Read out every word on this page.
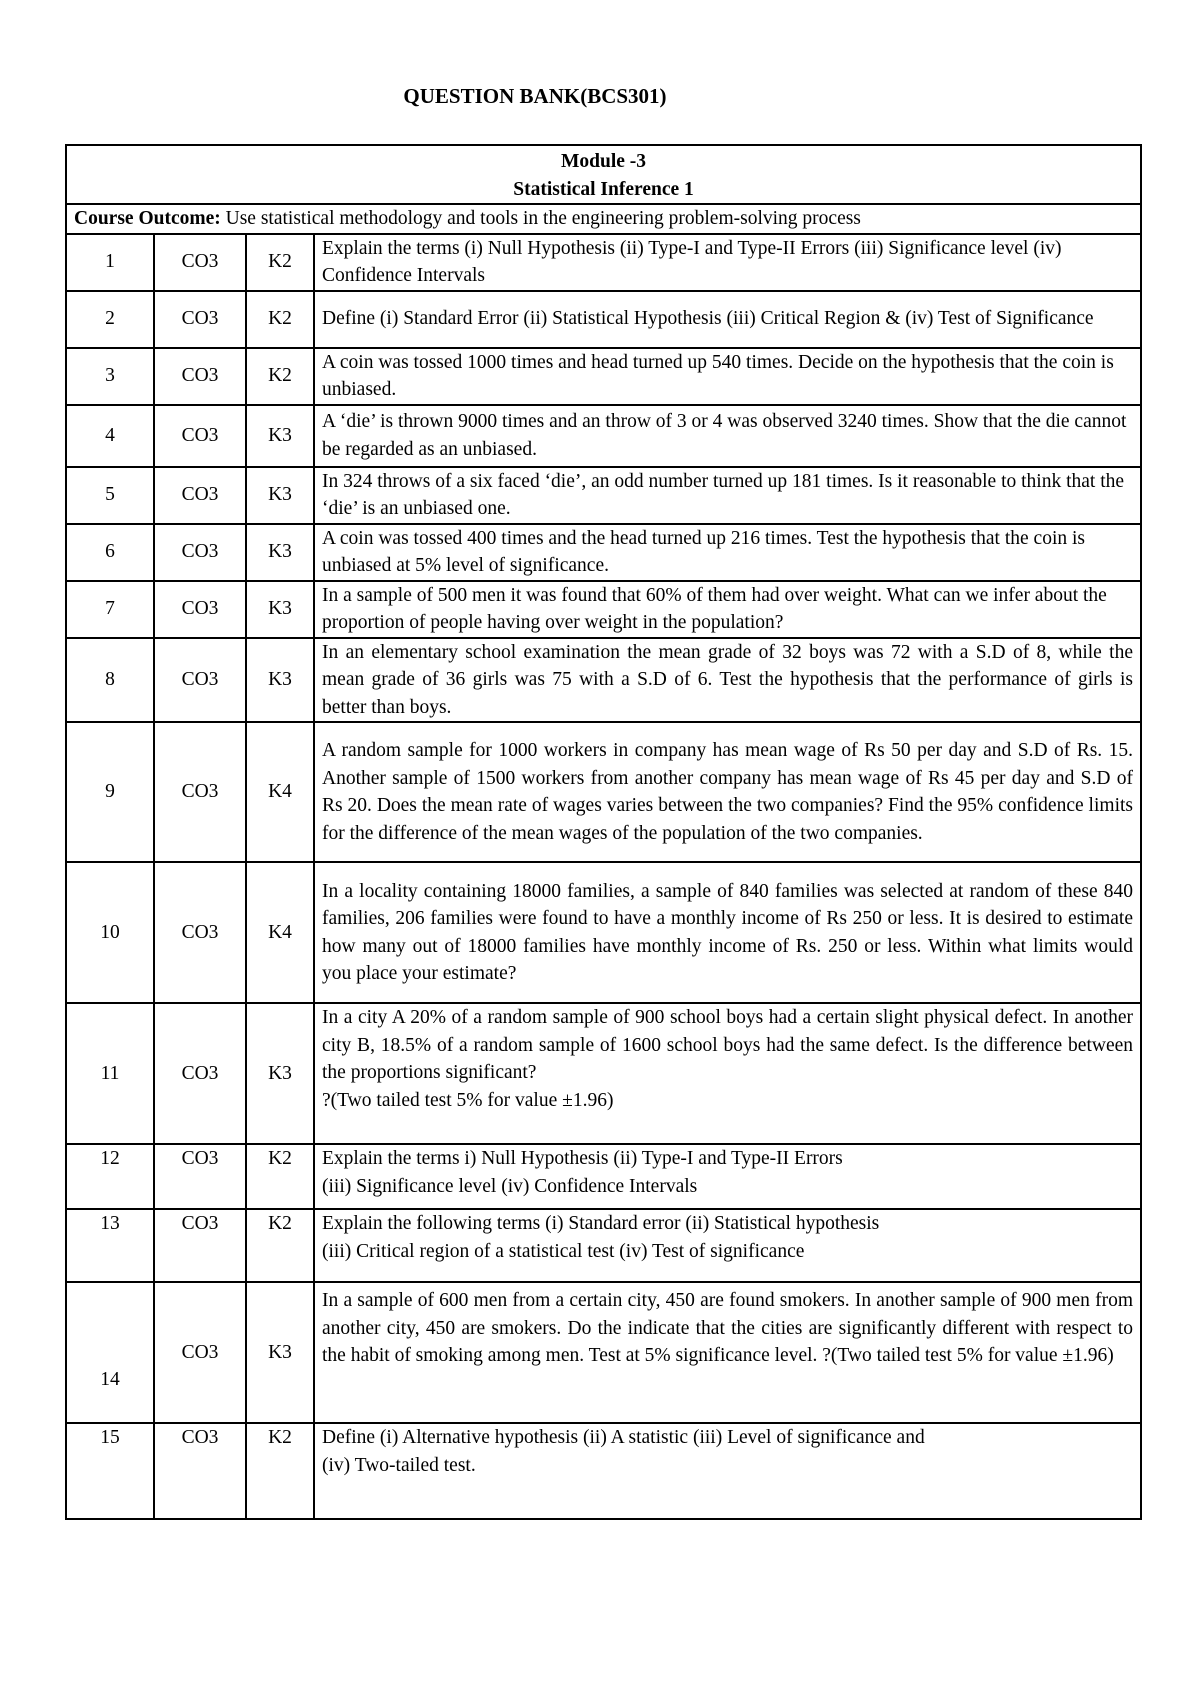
QUESTION BANK(BCS301)
Module -3
Statistical Inference 1			

Course Outcome: Use statistical methodology and tools in the engineering problem-solving process			
1	CO3	K2	Explain the terms (i) Null Hypothesis (ii) Type-I and Type-II Errors (iii) Significance level (iv) Confidence Intervals
2	CO3	K2	Define (i) Standard Error (ii) Statistical Hypothesis (iii) Critical Region & (iv) Test of Significance
3	CO3	K2	A coin was tossed 1000 times and head turned up 540 times. Decide on the hypothesis that the coin is unbiased.
4	CO3	K3	A ‘die’ is thrown 9000 times and an throw of 3 or 4 was observed 3240 times. Show that the die cannot be regarded as an unbiased.
5	CO3	K3	In 324 throws of a six faced ‘die’, an odd number turned up 181 times. Is it reasonable to think that the ‘die’ is an unbiased one.
6	CO3	K3	A coin was tossed 400 times and the head turned up 216 times. Test the hypothesis that the coin is unbiased at 5% level of significance.
7	CO3	K3	In a sample of 500 men it was found that 60% of them had over weight. What can we infer about the proportion of people having over weight in the population?
8	CO3	K3	In an elementary school examination the mean grade of 32 boys was 72 with a S.D of 8, while the mean grade of 36 girls was 75 with a S.D of 6. Test the hypothesis that the performance of girls is better than boys.
9	CO3	K4	A random sample for 1000 workers in company has mean wage of Rs 50 per day and S.D of Rs. 15. Another sample of 1500 workers from another company has mean wage of Rs 45 per day and S.D of Rs 20. Does the mean rate of wages varies between the two companies? Find the 95% confidence limits for the difference of the mean wages of the population of the two companies.
10	CO3	K4	In a locality containing 18000 families, a sample of 840 families was selected at random of these 840 families, 206 families were found to have a monthly income of Rs 250 or less. It is desired to estimate how many out of 18000 families have monthly income of Rs. 250 or less. Within what limits would you place your estimate?
11	CO3	K3	In a city A 20% of a random sample of 900 school boys had a certain slight physical defect. In another city B, 18.5% of a random sample of 1600 school boys had the same defect. Is the difference between the proportions significant?
?(Two tailed test 5% for value ±1.96)

12	CO3	K2	Explain the terms i) Null Hypothesis (ii) Type-I and Type-II Errors
(iii) Significance level (iv) Confidence Intervals

13	CO3	K2	Explain the following terms (i) Standard error (ii) Statistical hypothesis
(iii) Critical region of a statistical test (iv) Test of significance

14	CO3	K3	In a sample of 600 men from a certain city, 450 are found smokers. In another sample of 900 men from another city, 450 are smokers. Do the indicate that the cities are significantly different with respect to the habit of smoking among men. Test at 5% significance level. ?(Two tailed test 5% for value ±1.96)
15	CO3	K2	Define (i) Alternative hypothesis (ii) A statistic (iii) Level of significance and
(iv) Two-tailed test.
